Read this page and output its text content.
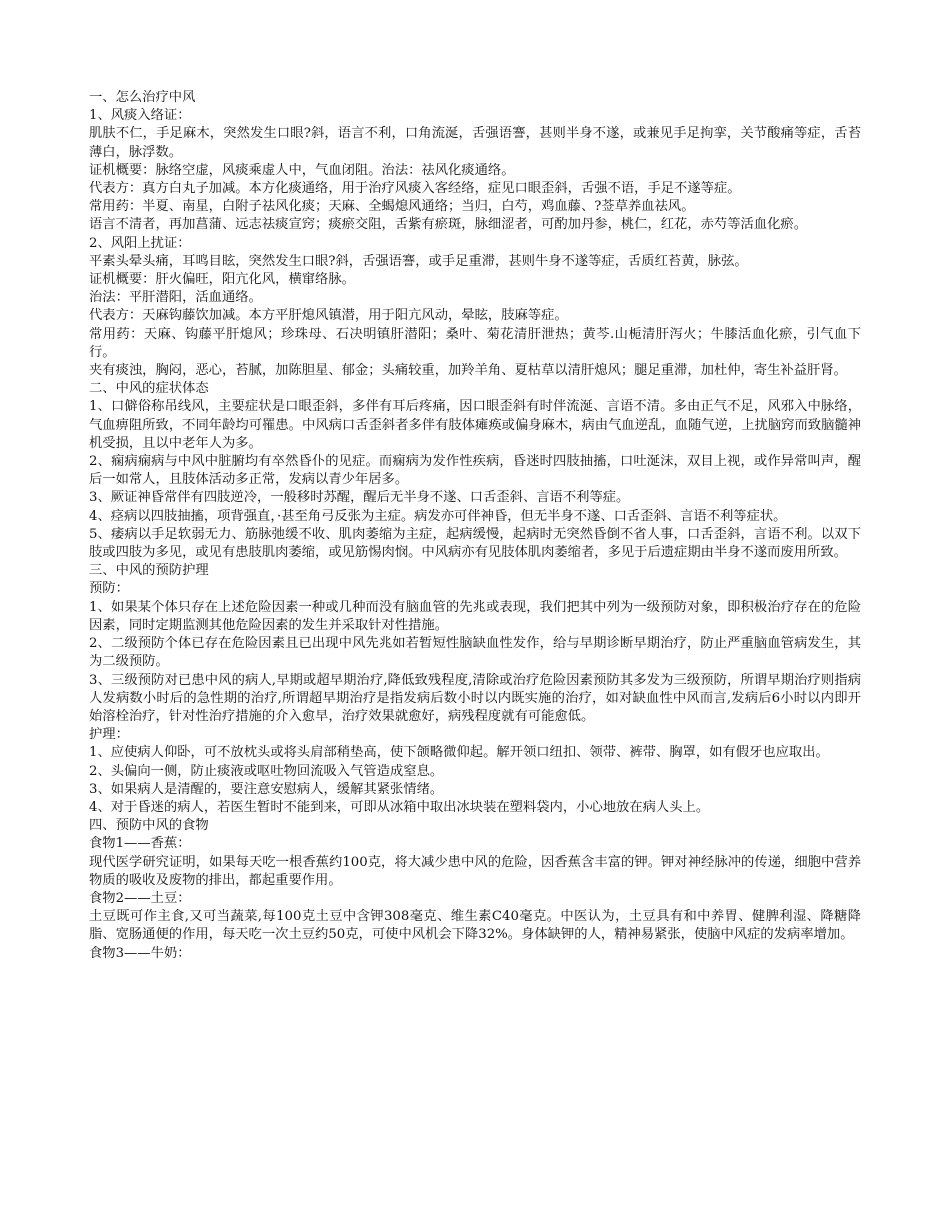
一、怎么治疗中风

1、风痰入络证：

肌肤不仁，手足麻木，突然发生口眼?斜，语言不利，口角流涎，舌强语謇，甚则半身不遂，或兼见手足拘挛，关节酸痛等症，舌苔薄白，脉浮数。

证机概要：脉络空虚，风痰乘虚人中，气血闭阻。治法：祛风化痰通络。

代表方：真方白丸子加减。本方化痰通络，用于治疗风痰入客经络，症见口眼歪斜，舌强不语，手足不遂等症。

常用药：半夏、南星，白附子祛风化痰；天麻、全蝎熄风通络；当归，白芍，鸡血藤、?莶草养血祛风。

语言不清者，再加菖蒲、远志祛痰宣窍；痰瘀交阻，舌紫有瘀斑，脉细涩者，可酌加丹参，桃仁，红花，赤芍等活血化瘀。

2、风阳上扰证：

平素头晕头痛，耳鸣目眩，突然发生口眼?斜，舌强语謇，或手足重滞，甚则牛身不遂等症，舌质红苔黄，脉弦。

证机概要：肝火偏旺，阳亢化风，横窜络脉。

治法：平肝潜阳，活血通络。

代表方：天麻钩藤饮加减。本方平肝熄风镇潜，用于阳亢风动，晕眩，肢麻等症。

常用药：天麻、钩藤平肝熄风；珍珠母、石决明镇肝潜阳；桑叶、菊花清肝泄热；黄芩.山栀清肝泻火；牛膝活血化瘀，引气血下行。

夹有痰浊，胸闷，恶心，苔腻，加陈胆星、郁金；头痛较重，加羚羊角、夏枯草以清肝熄风；腿足重滞，加杜仲，寄生补益肝肾。

二、中风的症状体态

1、口僻俗称吊线风，主要症状是口眼歪斜，多伴有耳后疼痛，因口眼歪斜有时伴流涎、言语不清。多由正气不足，风邪入中脉络，气血痹阻所致，不同年龄均可罹患。中风病口舌歪斜者多伴有肢体瘫痪或偏身麻木，病由气血逆乱，血随气逆，上扰脑窍而致脑髓神机受损，且以中老年人为多。

2、痫病痫病与中风中脏腑均有卒然昏仆的见症。而痫病为发作性疾病，昏迷时四肢抽搐，口吐涎沫，双目上视，或作异常叫声，醒后一如常人，且肢体活动多正常，发病以青少年居多。

3、厥证神昏常伴有四肢逆冷，一般移时苏醒，醒后无半身不遂、口舌歪斜、言语不利等症。

4、痉病以四肢抽搐，项背强直，·甚至角弓反张为主症。病发亦可伴神昏，但无半身不遂、口舌歪斜、言语不利等症状。

5、痿病以手足软弱无力、筋脉弛缓不收、肌肉萎缩为主症，起病缓慢，起病时无突然昏倒不省人事，口舌歪斜，言语不利。以双下肢或四肢为多见，或见有患肢肌肉萎缩，或见筋惕肉悯。中风病亦有见肢体肌肉萎缩者，多见于后遗症期由半身不遂而废用所致。

三、中风的预防护理

预防：

1、如果某个体只存在上述危险因素一种或几种而没有脑血管的先兆或表现，我们把其中列为一级预防对象，即积极治疗存在的危险因素，同时定期监测其他危险因素的发生并采取针对性措施。

2、二级预防个体已存在危险因素且已出现中风先兆如若暂短性脑缺血性发作，给与早期诊断早期治疗，防止严重脑血管病发生，其为二级预防。

3、三级预防对已患中风的病人,早期或超早期治疗,降低致残程度,清除或治疗危险因素预防其多发为三级预防，所谓早期治疗则指病人发病数小时后的急性期的治疗,所谓超早期治疗是指发病后数小时以内既实施的治疗，如对缺血性中风而言,发病后6小时以内即开始溶栓治疗，针对性治疗措施的介入愈早，治疗效果就愈好，病残程度就有可能愈低。

护理：

1、应使病人仰卧，可不放枕头或将头肩部稍垫高，使下颌略微仰起。解开领口纽扣、领带、裤带、胸罩，如有假牙也应取出。

2、头偏向一侧，防止痰液或呕吐物回流吸入气管造成窒息。

3、如果病人是清醒的，要注意安慰病人，缓解其紧张情绪。

4、对于昏迷的病人，若医生暂时不能到来，可即从冰箱中取出冰块装在塑料袋内，小心地放在病人头上。

四、预防中风的食物

食物1——香蕉：

现代医学研究证明，如果每天吃一根香蕉约100克，将大减少患中风的危险，因香蕉含丰富的钾。钾对神经脉冲的传递，细胞中营养物质的吸收及废物的排出，都起重要作用。

食物2——土豆：

土豆既可作主食,又可当蔬菜,每100克土豆中含钾308毫克、维生素C40毫克。中医认为，土豆具有和中养胃、健脾利湿、降糖降脂、宽肠通便的作用，每天吃一次土豆约50克，可使中风机会下降32%。身体缺钾的人，精神易紧张，使脑中风症的发病率增加。

食物3——牛奶：
